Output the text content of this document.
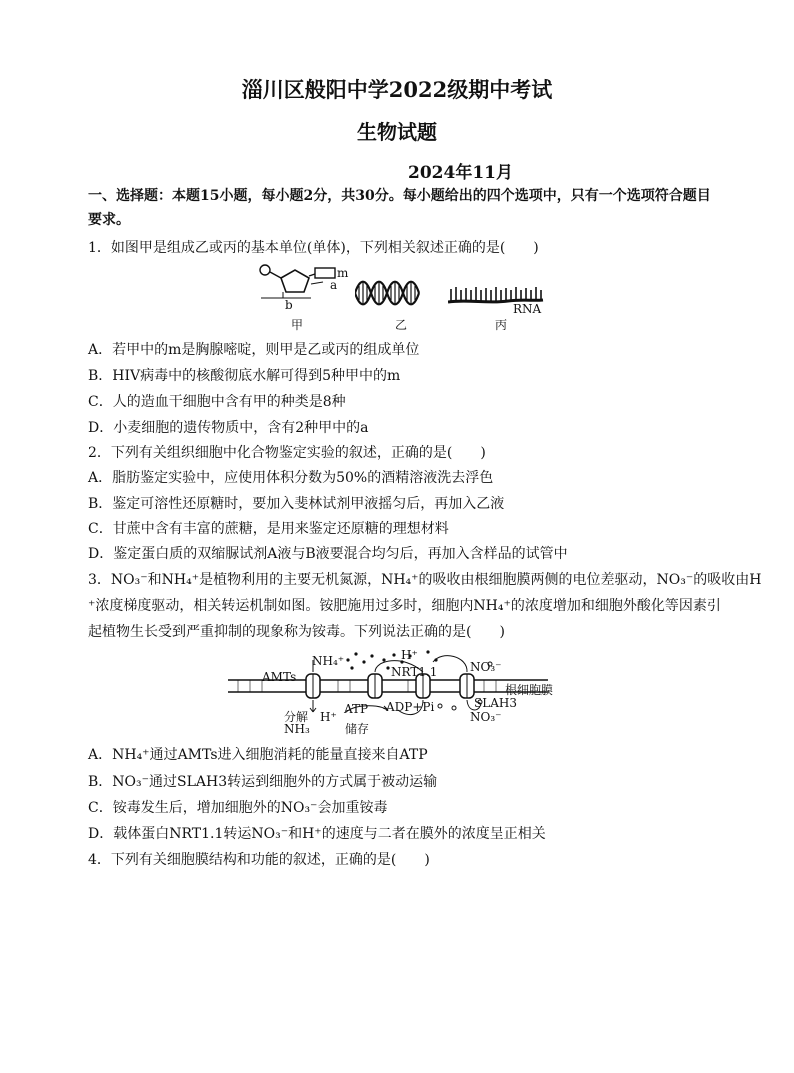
淄川区般阳中学2022级期中考试
生物试题
2024年11月
一、选择题：本题15小题，每小题2分，共30分。每小题给出的四个选项中，只有一个选项符合题目
要求。
1．如图甲是组成乙或丙的基本单位(单体)，下列相关叙述正确的是(　　)
m
a
b	RNA
甲	乙	丙
A．若甲中的m是胸腺嘧啶，则甲是乙或丙的组成单位
B．HIV病毒中的核酸彻底水解可得到5种甲中的m
C．人的造血干细胞中含有甲的种类是8种
D．小麦细胞的遗传物质中，含有2种甲中的a
2．下列有关组织细胞中化合物鉴定实验的叙述，正确的是(　　)
A．脂肪鉴定实验中，应使用体积分数为50%的酒精溶液洗去浮色
B．鉴定可溶性还原糖时，要加入斐林试剂甲液摇匀后，再加入乙液
C．甘蔗中含有丰富的蔗糖，是用来鉴定还原糖的理想材料
D．鉴定蛋白质的双缩脲试剂A液与B液要混合均匀后，再加入含样品的试管中
3．NO₃⁻和NH₄⁺是植物利用的主要无机氮源，NH₄⁺的吸收由根细胞膜两侧的电位差驱动，NO₃⁻的吸收由H
⁺浓度梯度驱动，相关转运机制如图。铵肥施用过多时，细胞内NH₄⁺的浓度增加和细胞外酸化等因素引
起植物生长受到严重抑制的现象称为铵毒。下列说法正确的是(　　)
AMTs
NH₄⁺	H⁺
NRT1.1	NO₃⁻
根细胞膜
SLAH3
NO₃⁻
ATP ADP+Pi
分解 H⁺
NH₃	储存
A．NH₄⁺通过AMTs进入细胞消耗的能量直接来自ATP
B．NO₃⁻通过SLAH3转运到细胞外的方式属于被动运输
C．铵毒发生后，增加细胞外的NO₃⁻会加重铵毒
D．载体蛋白NRT1.1转运NO₃⁻和H⁺的速度与二者在膜外的浓度呈正相关
4．下列有关细胞膜结构和功能的叙述，正确的是(　　)
